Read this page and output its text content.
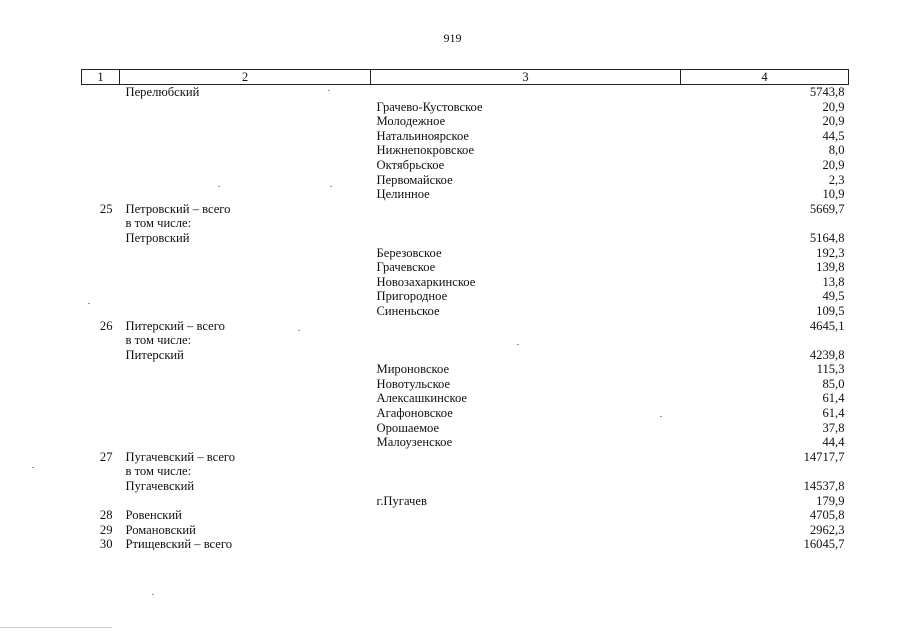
919
1	2	3	4
	Перелюбский		5743,8
		Грачево-Кустовское	20,9
		Молодежное	20,9
		Натальиноярское	44,5
		Нижнепокровское	8,0
		Октябрьское	20,9
		Первомайское	2,3
		Целинное	10,9
25	Петровский – всего		5669,7
	в том числе:		
	Петровский		5164,8
		Березовское	192,3
		Грачевское	139,8
		Новозахаркинское	13,8
		Пригородное	49,5
		Синеньское	109,5
26	Питерский – всего		4645,1
	в том числе:		
	Питерский		4239,8
		Мироновское	115,3
		Новотульское	85,0
		Алексашкинское	61,4
		Агафоновское	61,4
		Орошаемое	37,8
		Малоузенское	44,4
27	Пугачевский – всего		14717,7
	в том числе:		
	Пугачевский		14537,8
		г.Пугачев	179,9
28	Ровенский		4705,8
29	Романовский		2962,3
30	Ртищевский – всего		16045,7
